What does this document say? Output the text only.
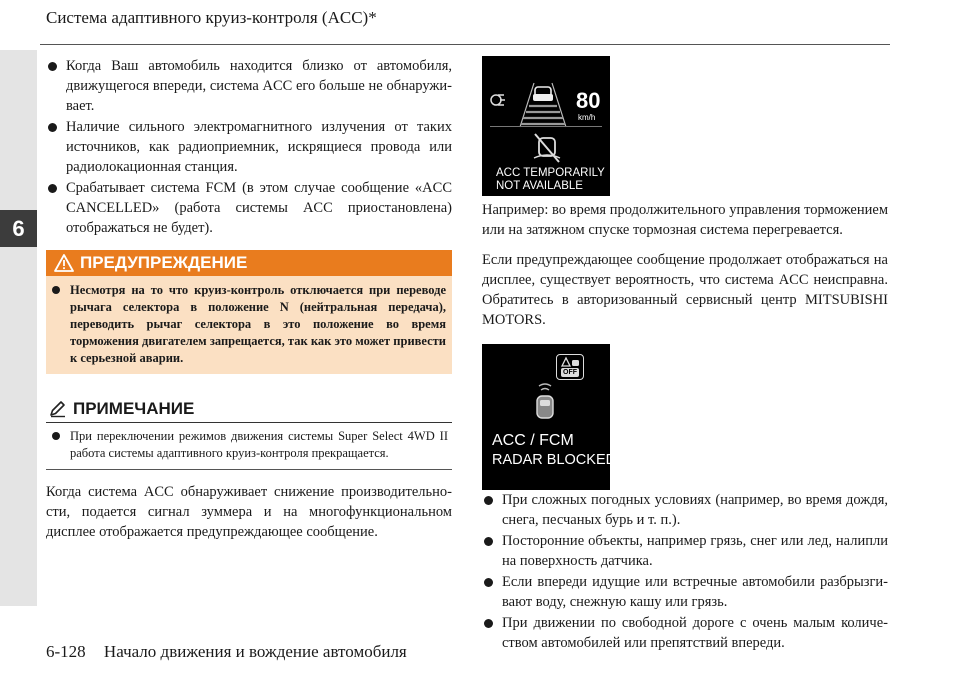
Система адаптивного круиз-контроля (ACC)*
6
Когда Ваш автомобиль находится близко от автомобиля, движущегося впереди, система ACC его больше не обнаружи-вает.
Наличие сильного электромагнитного излучения от таких источников, как радиоприемник, искрящиеся провода или радиолокационная станция.
Срабатывает система FCM (в этом случае сообщение «ACC CANCELLED» (работа системы ACC приостановлена) отображаться не будет).
ПРЕДУПРЕЖДЕНИЕ
Несмотря на то что круиз-контроль отключается при переводе рычага селектора в положение N (нейтральная передача), переводить рычаг селектора в это положение во время торможения двигателем запрещается, так как это может привести к серьезной аварии.
ПРИМЕЧАНИЕ
При переключении режимов движения системы Super Select 4WD II работа системы адаптивного круиз-контроля прекращается.

Когда система ACC обнаруживает снижение производительно-сти, подается сигнал зуммера и на многофункциональном дисплее отображается предупреждающее сообщение.

80
km/h
ACC TEMPORARILY
NOT AVAILABLE

Например: во время продолжительного управления торможением или на затяжном спуске тормозная система перегревается.

Если предупреждающее сообщение продолжает отображаться на дисплее, существует вероятность, что система ACC неисправна. Обратитесь в авторизованный сервисный центр MITSUBISHI MOTORS.

OFF
ACC / FCM
RADAR BLOCKED
При сложных погодных условиях (например, во время дождя, снега, песчаных бурь и т. п.).
Посторонние объекты, например грязь, снег или лед, налипли на поверхность датчика.
Если впереди идущие или встречные автомобили разбрызги-вают воду, снежную кашу или грязь.
При движении по свободной дороге с очень малым количе-ством автомобилей или препятствий впереди.
6-128 Начало движения и вождение автомобиля
